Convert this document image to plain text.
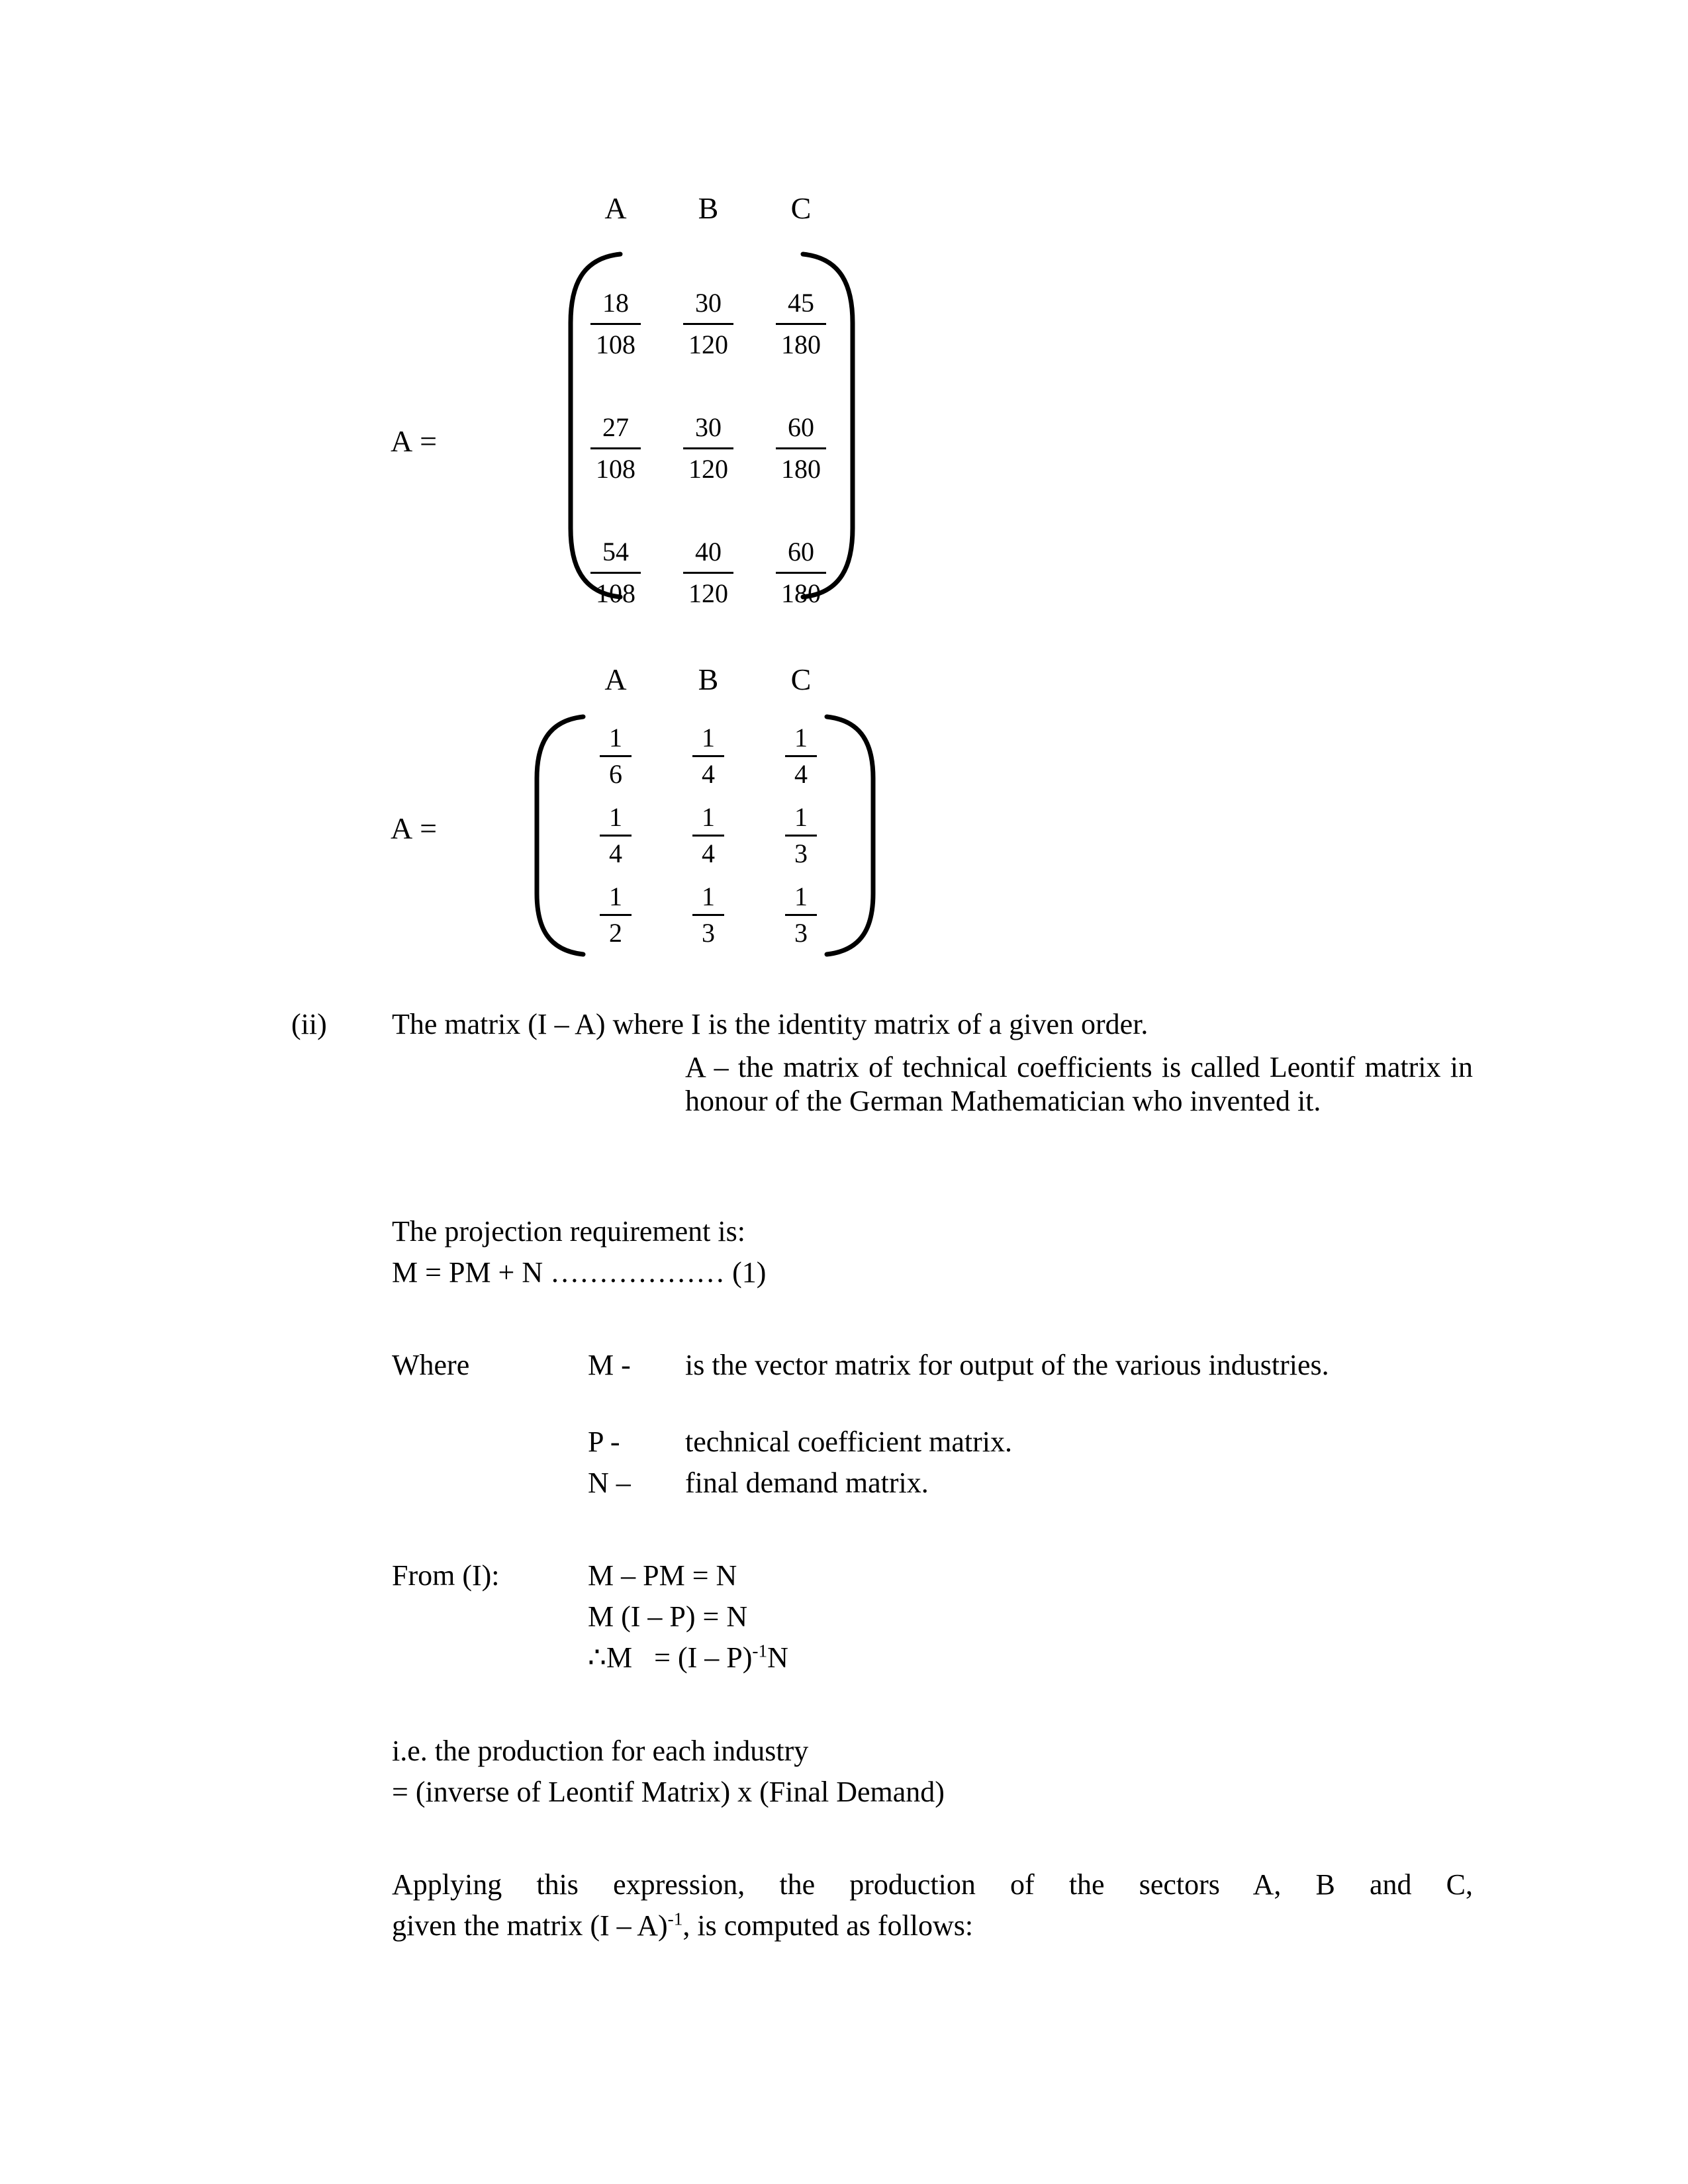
A =
A	B	C
$\frac{18}{108} \frac{30}{120} \frac{45}{180}$
$\frac{27}{108} \frac{30}{120} \frac{60}{180}$
$\frac{54}{108} \frac{40}{120} \frac{60}{180}$
A =
A	B	C
$\frac{1}{6} \frac{1}{4} \frac{1}{4}$
$\frac{1}{4} \frac{1}{4} \frac{1}{3}$
$\frac{1}{2} \frac{1}{3} \frac{1}{3}$
(ii) The matrix (I – A) where I is the identity matrix of a given order.
A – the matrix of technical coefficients is called Leontif matrix in honour of the German Mathematician who invented it.
The projection requirement is:
M = PM + N ……………… (1)
Where	M - is the vector matrix for output of the various industries.
P - technical coefficient matrix.
N – final demand matrix.
From (I):	M – PM = N
M (I – P) = N
∴M = (I – P)$^{-1}$N
i.e. the production for each industry
= (inverse of Leontif Matrix) x (Final Demand)
Applying this expression, the production of the sectors A, B and C,
given the matrix (I – A)$^{-1}$, is computed as follows:
